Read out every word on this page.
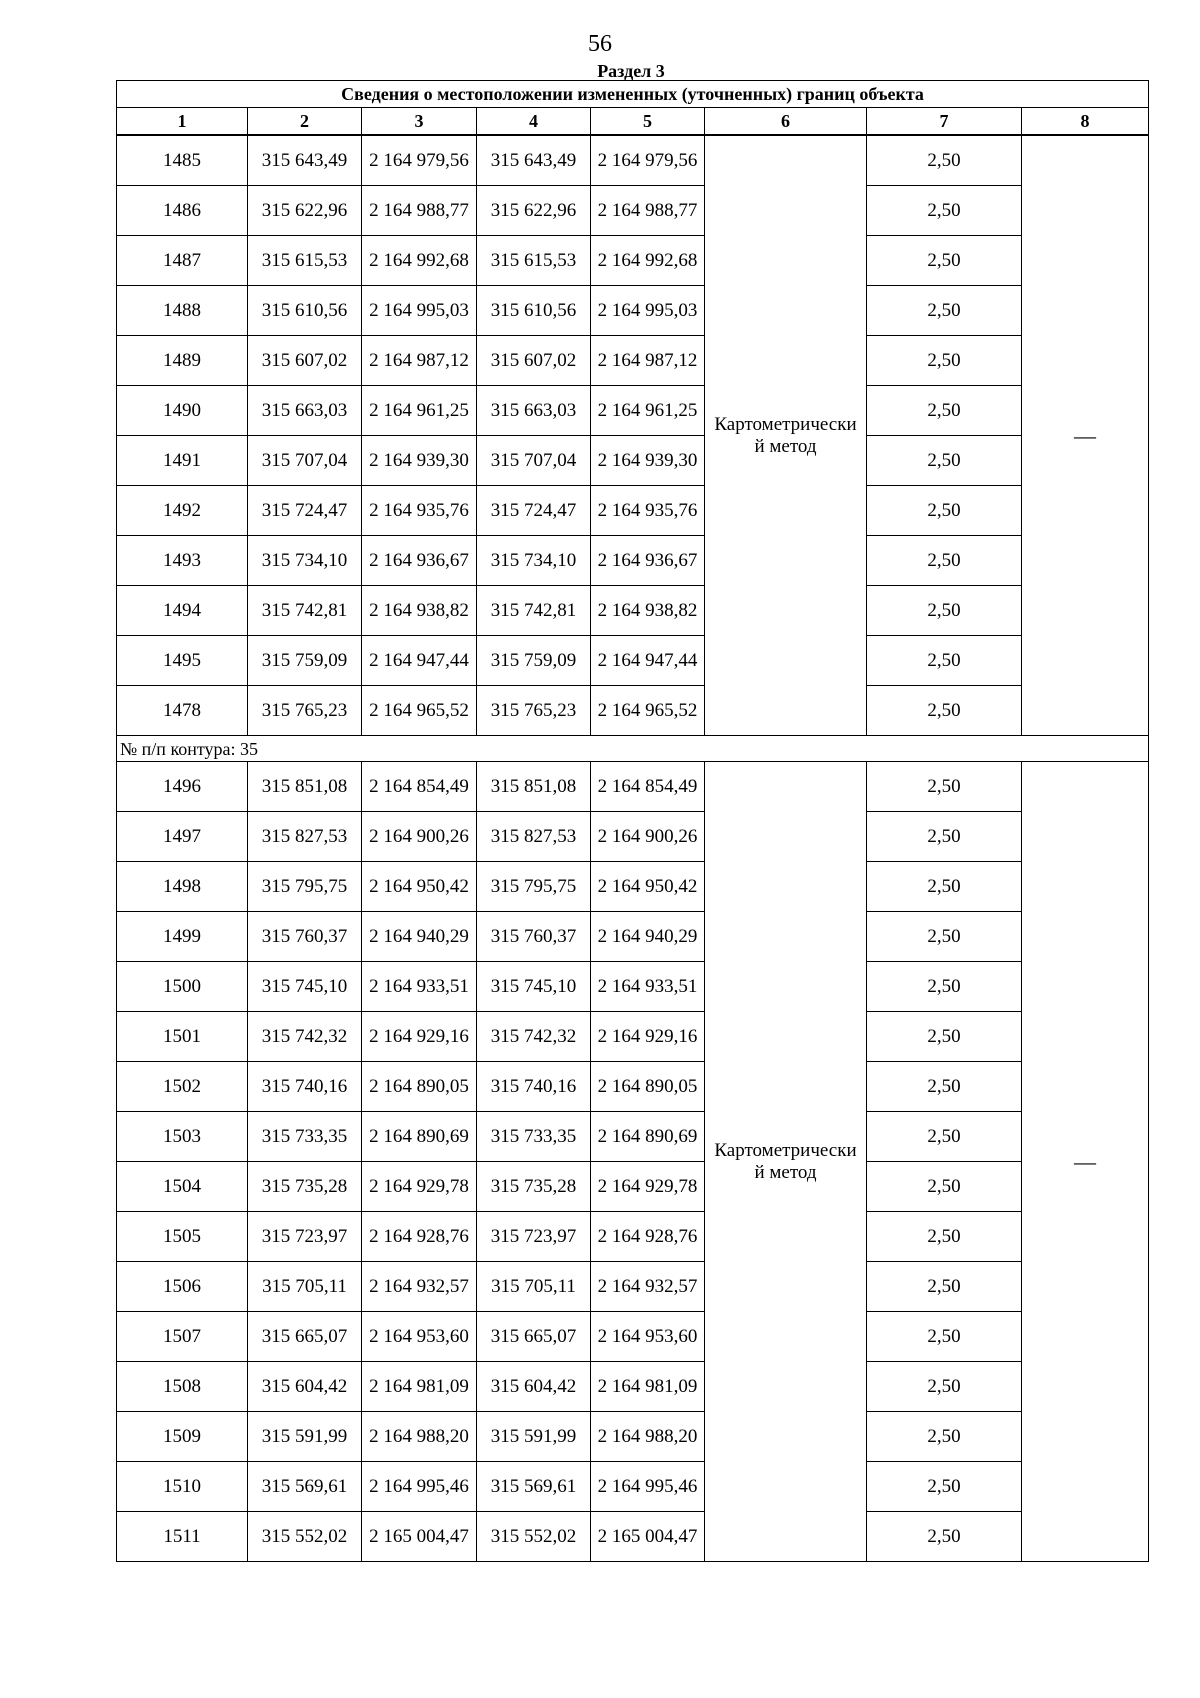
56
Раздел 3
Сведения о местоположении измененных (уточненных) границ объекта							
1	2	3	4	5	6	7	8
1485	315 643,49	2 164 979,56	315 643,49	2 164 979,56	Картометрически й метод	2,50	—
1486	315 622,96	2 164 988,77	315 622,96	2 164 988,77		2,50	
1487	315 615,53	2 164 992,68	315 615,53	2 164 992,68		2,50	
1488	315 610,56	2 164 995,03	315 610,56	2 164 995,03		2,50	
1489	315 607,02	2 164 987,12	315 607,02	2 164 987,12		2,50	
1490	315 663,03	2 164 961,25	315 663,03	2 164 961,25		2,50	
1491	315 707,04	2 164 939,30	315 707,04	2 164 939,30		2,50	
1492	315 724,47	2 164 935,76	315 724,47	2 164 935,76		2,50	
1493	315 734,10	2 164 936,67	315 734,10	2 164 936,67		2,50	
1494	315 742,81	2 164 938,82	315 742,81	2 164 938,82		2,50	
1495	315 759,09	2 164 947,44	315 759,09	2 164 947,44		2,50	
1478	315 765,23	2 164 965,52	315 765,23	2 164 965,52		2,50	
№ п/п контура: 35							
1496	315 851,08	2 164 854,49	315 851,08	2 164 854,49	Картометрически й метод	2,50	—
1497	315 827,53	2 164 900,26	315 827,53	2 164 900,26		2,50	
1498	315 795,75	2 164 950,42	315 795,75	2 164 950,42		2,50	
1499	315 760,37	2 164 940,29	315 760,37	2 164 940,29		2,50	
1500	315 745,10	2 164 933,51	315 745,10	2 164 933,51		2,50	
1501	315 742,32	2 164 929,16	315 742,32	2 164 929,16		2,50	
1502	315 740,16	2 164 890,05	315 740,16	2 164 890,05		2,50	
1503	315 733,35	2 164 890,69	315 733,35	2 164 890,69		2,50	
1504	315 735,28	2 164 929,78	315 735,28	2 164 929,78		2,50	
1505	315 723,97	2 164 928,76	315 723,97	2 164 928,76		2,50	
1506	315 705,11	2 164 932,57	315 705,11	2 164 932,57		2,50	
1507	315 665,07	2 164 953,60	315 665,07	2 164 953,60		2,50	
1508	315 604,42	2 164 981,09	315 604,42	2 164 981,09		2,50	
1509	315 591,99	2 164 988,20	315 591,99	2 164 988,20		2,50	
1510	315 569,61	2 164 995,46	315 569,61	2 164 995,46		2,50	
1511	315 552,02	2 165 004,47	315 552,02	2 165 004,47		2,50	
